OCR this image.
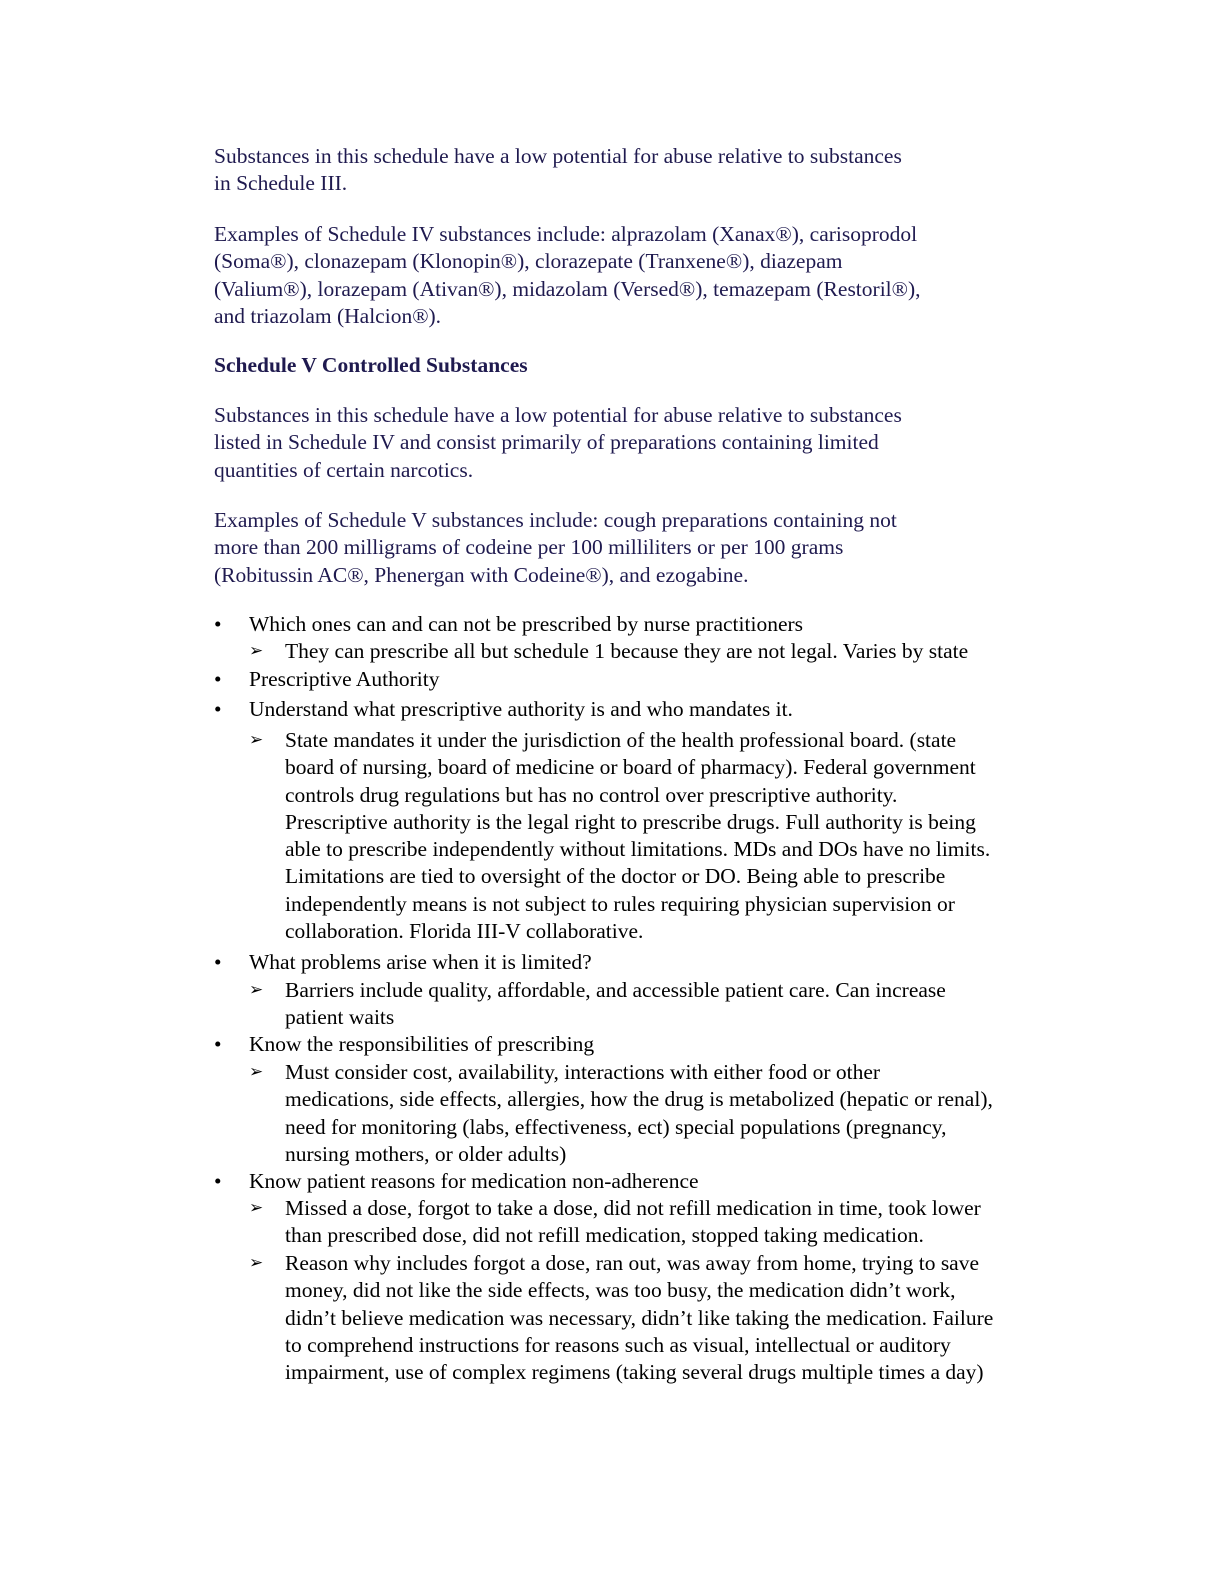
Substances in this schedule have a low potential for abuse relative to substances
in Schedule III.

Examples of Schedule IV substances include: alprazolam (Xanax®), carisoprodol
(Soma®), clonazepam (Klonopin®), clorazepate (Tranxene®), diazepam
(Valium®), lorazepam (Ativan®), midazolam (Versed®), temazepam (Restoril®),
and triazolam (Halcion®).

Schedule V Controlled Substances

Substances in this schedule have a low potential for abuse relative to substances
listed in Schedule IV and consist primarily of preparations containing limited
quantities of certain narcotics.

Examples of Schedule V substances include: cough preparations containing not
more than 200 milligrams of codeine per 100 milliliters or per 100 grams
(Robitussin AC®, Phenergan with Codeine®), and ezogabine.

•	Which ones can and can not be prescribed by nurse practitioners
➢	They can prescribe all but schedule 1 because they are not legal. Varies by state
•	Prescriptive Authority
•	Understand what prescriptive authority is and who mandates it.
➢	State mandates it under the jurisdiction of the health professional board. (state
board of nursing, board of medicine or board of pharmacy). Federal government
controls drug regulations but has no control over prescriptive authority.
Prescriptive authority is the legal right to prescribe drugs. Full authority is being
able to prescribe independently without limitations. MDs and DOs have no limits.
Limitations are tied to oversight of the doctor or DO. Being able to prescribe
independently means is not subject to rules requiring physician supervision or
collaboration. Florida III-V collaborative.
•	What problems arise when it is limited?
➢	Barriers include quality, affordable, and accessible patient care. Can increase
patient waits
•	Know the responsibilities of prescribing
➢	Must consider cost, availability, interactions with either food or other
medications, side effects, allergies, how the drug is metabolized (hepatic or renal),
need for monitoring (labs, effectiveness, ect) special populations (pregnancy,
nursing mothers, or older adults)
•	Know patient reasons for medication non-adherence
➢	Missed a dose, forgot to take a dose, did not refill medication in time, took lower
than prescribed dose, did not refill medication, stopped taking medication.
➢	Reason why includes forgot a dose, ran out, was away from home, trying to save
money, did not like the side effects, was too busy, the medication didn’t work,
didn’t believe medication was necessary, didn’t like taking the medication. Failure
to comprehend instructions for reasons such as visual, intellectual or auditory
impairment, use of complex regimens (taking several drugs multiple times a day)
